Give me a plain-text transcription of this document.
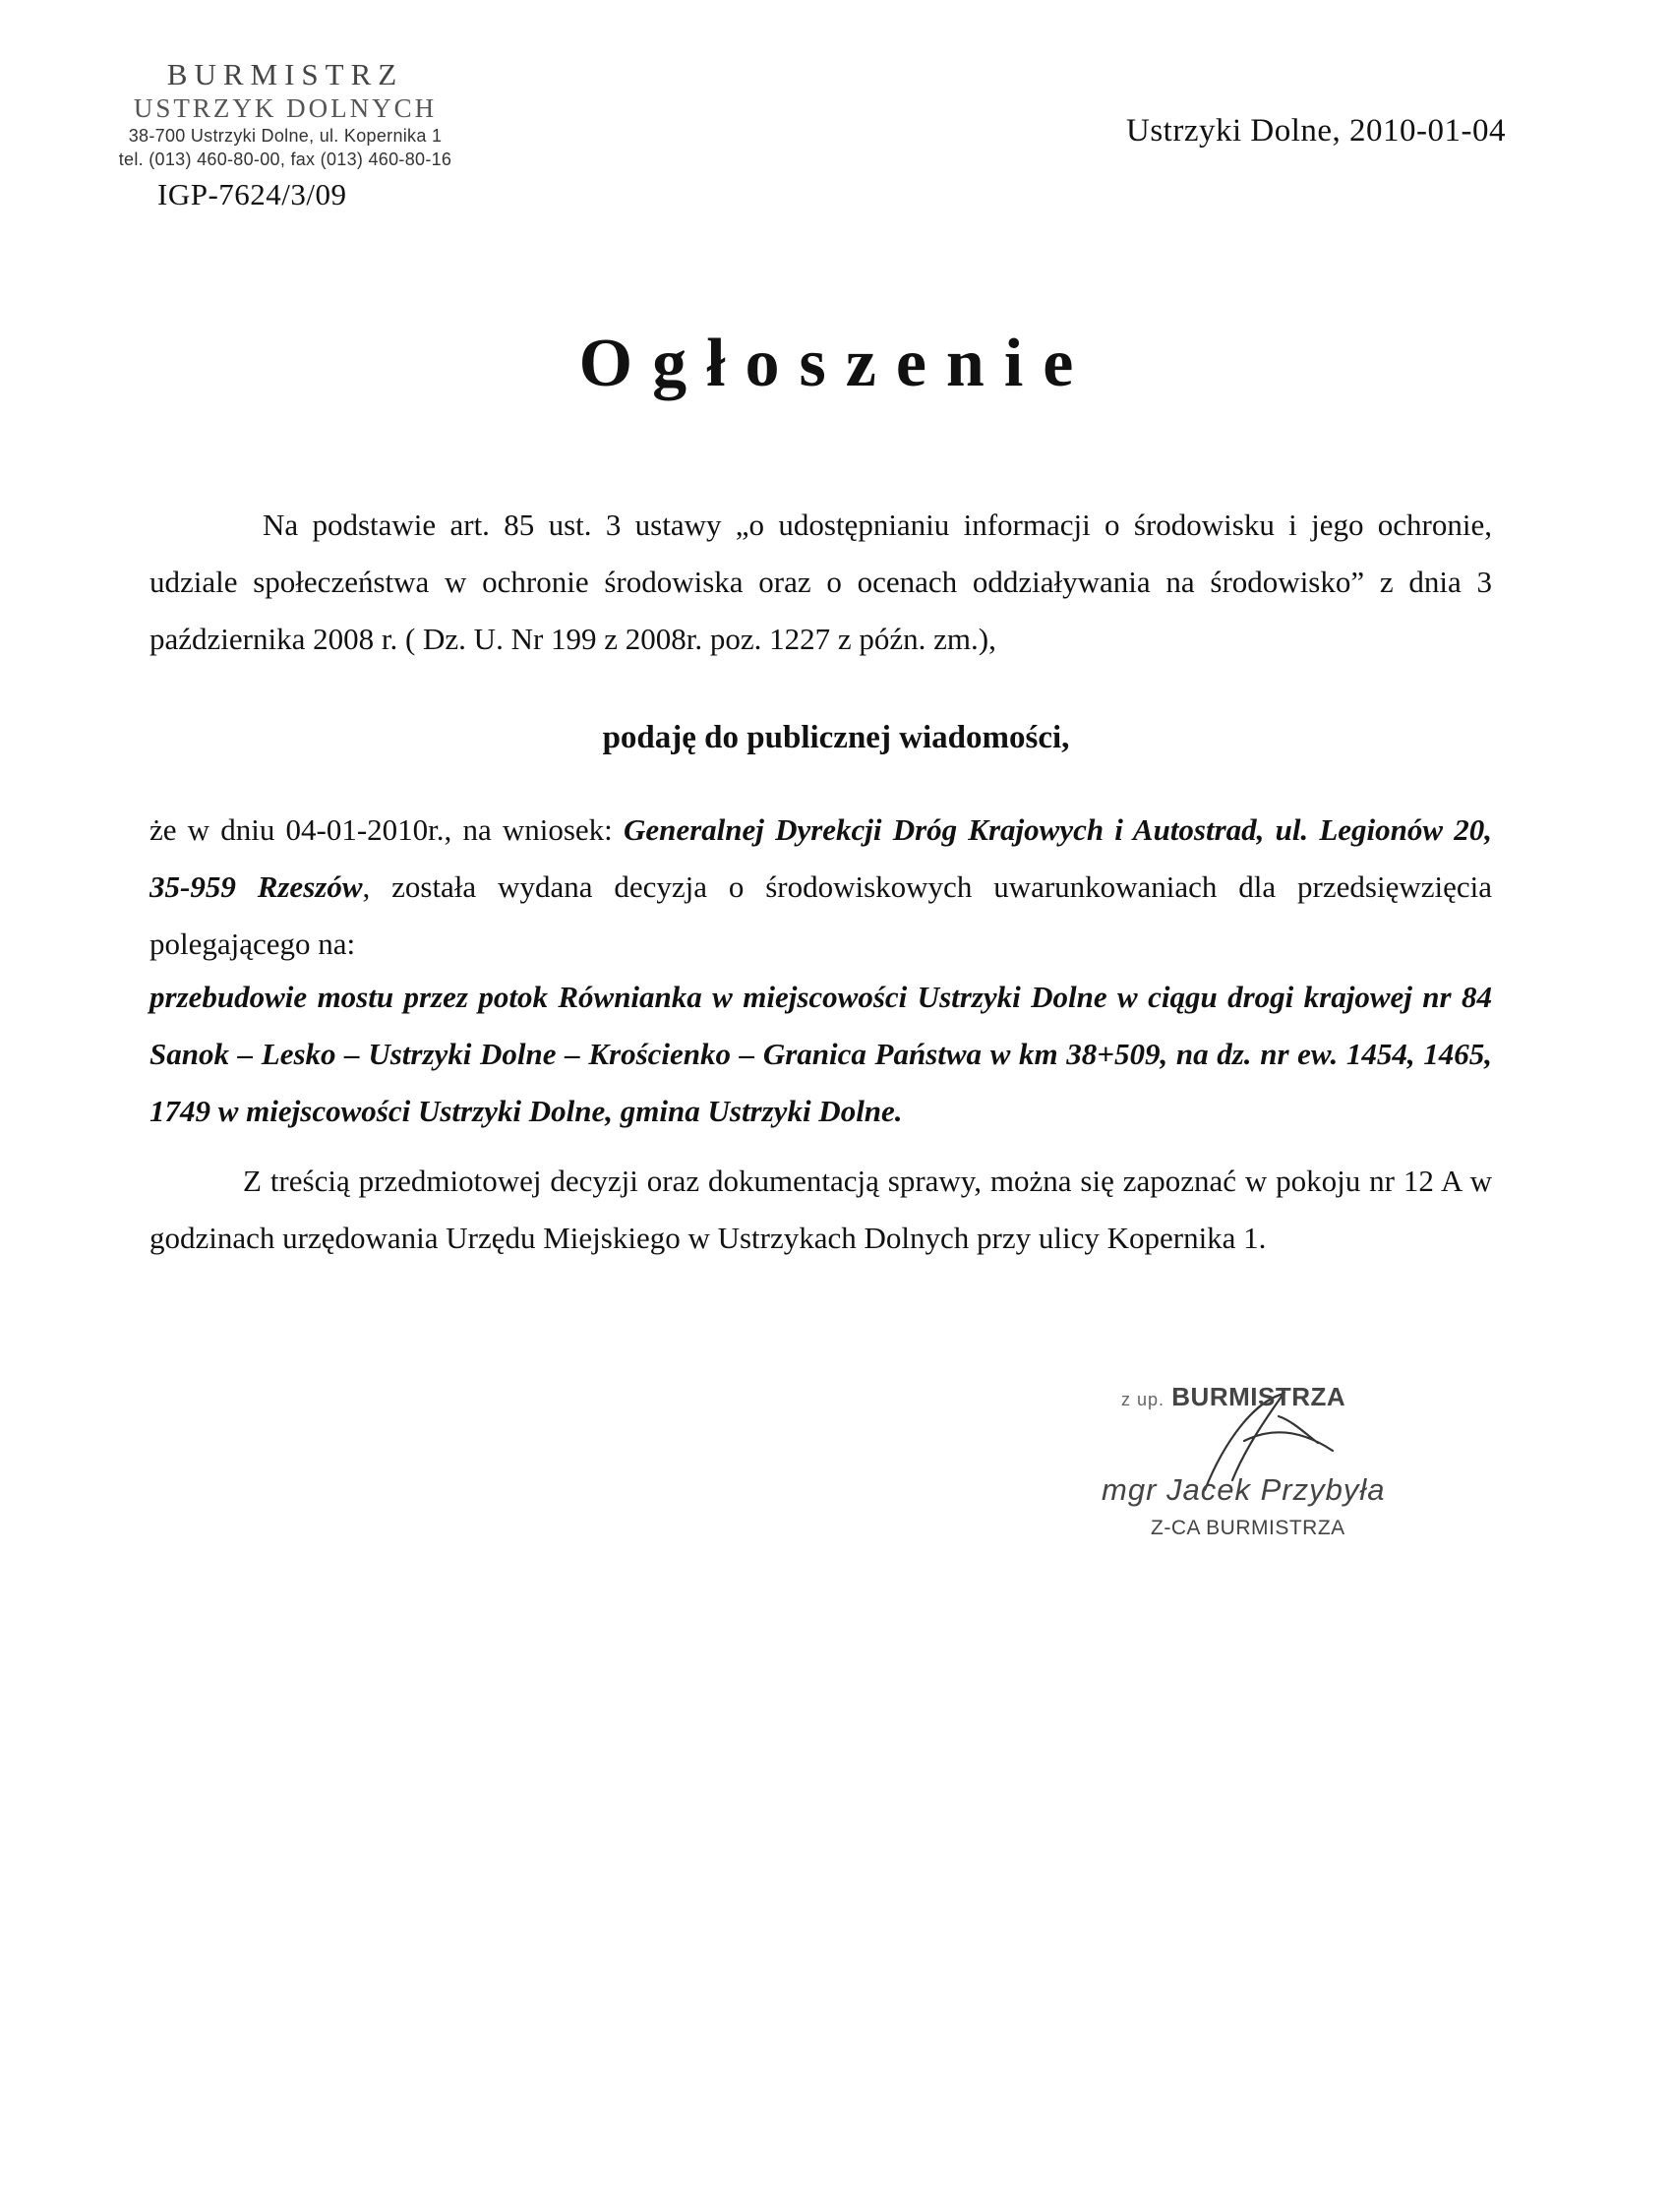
BURMISTRZ
USTRZYK DOLNYCH
38-700 Ustrzyki Dolne, ul. Kopernika 1
tel. (013) 460-80-00, fax (013) 460-80-16
IGP-7624/3/09
Ustrzyki Dolne, 2010-01-04
Ogłoszenie
Na podstawie art. 85 ust. 3 ustawy „o udostępnianiu informacji o środowisku i jego ochronie, udziale społeczeństwa w ochronie środowiska oraz o ocenach oddziaływania na środowisko” z dnia 3 października 2008 r. ( Dz. U. Nr 199 z 2008r. poz. 1227 z późn. zm.),
podaję do publicznej wiadomości,
że w dniu 04-01-2010r., na wniosek: Generalnej Dyrekcji Dróg Krajowych i Autostrad, ul. Legionów 20, 35-959 Rzeszów, została wydana decyzja o środowiskowych uwarunkowaniach dla przedsięwzięcia polegającego na:
przebudowie mostu przez potok Równianka w miejscowości Ustrzyki Dolne w ciągu drogi krajowej nr 84 Sanok – Lesko – Ustrzyki Dolne – Krościenko – Granica Państwa w km 38+509, na dz. nr ew. 1454, 1465, 1749 w miejscowości Ustrzyki Dolne, gmina Ustrzyki Dolne.
Z treścią przedmiotowej decyzji oraz dokumentacją sprawy, można się zapoznać w pokoju nr 12 A w godzinach urzędowania Urzędu Miejskiego w Ustrzykach Dolnych przy ulicy Kopernika 1.
z up. BURMISTRZA
mgr Jacek Przybyła
Z-CA BURMISTRZA
